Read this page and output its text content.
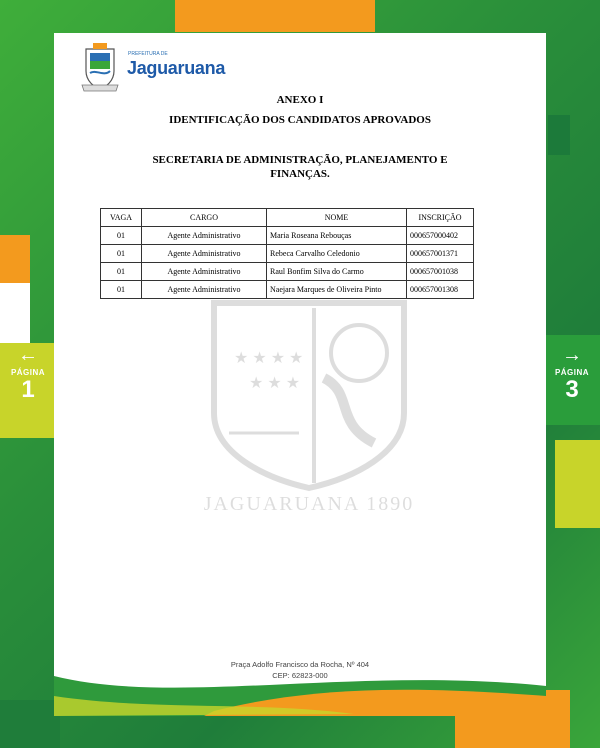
←
PÁGINA
1
→
PÁGINA
3
PREFEITURA DE
Jaguaruana
★ ★ ★ ★
★ ★ ★
JAGUARUANA 1890
ANEXO I
IDENTIFICAÇÃO DOS CANDIDATOS APROVADOS
SECRETARIA DE ADMINISTRAÇÃO, PLANEJAMENTO E FINANÇAS.
VAGA	CARGO	NOME	INSCRIÇÃO
01	Agente Administrativo	Maria Roseana Rebouças	000657000402
01	Agente Administrativo	Rebeca Carvalho Celedonio	000657001371
01	Agente Administrativo	Raul Bonfim Silva do Carmo	000657001038
01	Agente Administrativo	Naejara Marques de Oliveira Pinto	000657001308
Praça Adolfo Francisco da Rocha, Nº 404
CEP: 62823-000
